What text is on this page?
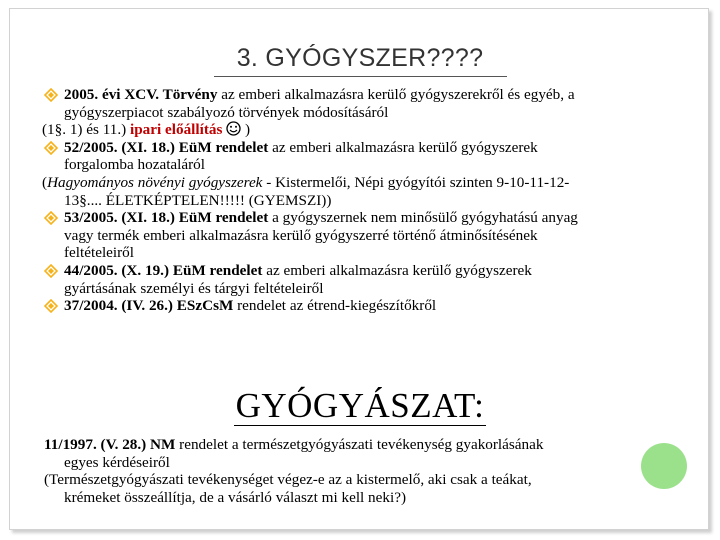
3. GYÓGYSZER????
2005. évi XCV. Törvény az emberi alkalmazásra kerülő gyógyszerekről és egyéb, a
gyógyszerpiacot szabályozó törvények módosításáról
(1§. 1) és 11.) ipari előállítás  )
52/2005. (XI. 18.) EüM rendelet az emberi alkalmazásra kerülő gyógyszerek
forgalomba hozataláról
(Hagyományos növényi gyógyszerek - Kistermelői, Népi gyógyítói szinten 9-10-11-12-
13§.... ÉLETKÉPTELEN!!!!! (GYEMSZI))
53/2005. (XI. 18.) EüM rendelet a gyógyszernek nem minősülő gyógyhatású anyag
vagy termék emberi alkalmazásra kerülő gyógyszerré történő átminősítésének
feltételeiről
44/2005. (X. 19.) EüM rendelet az emberi alkalmazásra kerülő gyógyszerek
gyártásának személyi és tárgyi feltételeiről
37/2004. (IV. 26.) ESzCsM rendelet az étrend-kiegészítőkről
GYÓGYÁSZAT:
11/1997. (V. 28.) NM rendelet a természetgyógyászati tevékenység gyakorlásának
egyes kérdéseiről
(Természetgyógyászati tevékenységet végez-e az a kistermelő, aki csak a teákat,
krémeket összeállítja, de a vásárló választ mi kell neki?)
